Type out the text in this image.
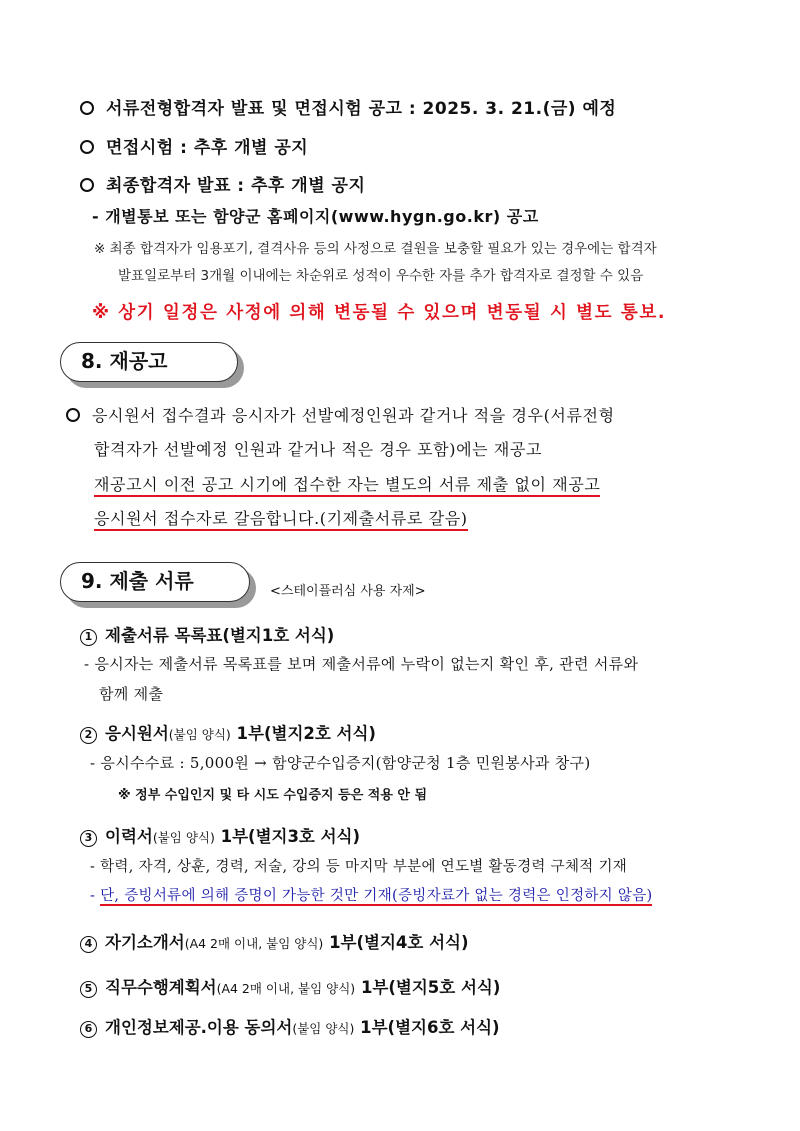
서류전형합격자 발표 및 면접시험 공고 : 2025. 3. 21.(금) 예정
면접시험 : 추후 개별 공지
최종합격자 발표 : 추후 개별 공지
- 개별통보 또는 함양군 홈페이지(www.hygn.go.kr) 공고
※ 최종 합격자가 임용포기, 결격사유 등의 사정으로 결원을 보충할 필요가 있는 경우에는 합격자
발표일로부터 3개월 이내에는 차순위로 성적이 우수한 자를 추가 합격자로 결정할 수 있음
※ 상기 일정은 사정에 의해 변동될 수 있으며 변동될 시 별도 통보.
8. 재공고
응시원서 접수결과 응시자가 선발예정인원과 같거나 적을 경우(서류전형
합격자가 선발예정 인원과 같거나 적은 경우 포함)에는 재공고
재공고시 이전 공고 시기에 접수한 자는 별도의 서류 제출 없이 재공고
응시원서 접수자로 갈음합니다.(기제출서류로 갈음)
9. 제출 서류	<스테이플러심 사용 자제>
1 제출서류 목록표(별지1호 서식)
- 응시자는 제출서류 목록표를 보며 제출서류에 누락이 없는지 확인 후, 관련 서류와
함께 제출
2 응시원서(붙임 양식) 1부(별지2호 서식)
- 응시수수료 : 5,000원 → 함양군수입증지(함양군청 1층 민원봉사과 창구)
※ 정부 수입인지 및 타 시도 수입증지 등은 적용 안 됨
3 이력서(붙임 양식) 1부(별지3호 서식)
- 학력, 자격, 상훈, 경력, 저술, 강의 등 마지막 부분에 연도별 활동경력 구체적 기재
- 단, 증빙서류에 의해 증명이 가능한 것만 기재(증빙자료가 없는 경력은 인정하지 않음)
4 자기소개서(A4 2매 이내, 붙임 양식) 1부(별지4호 서식)
5 직무수행계획서(A4 2매 이내, 붙임 양식) 1부(별지5호 서식)
6 개인정보제공.이용 동의서(붙임 양식) 1부(별지6호 서식)
